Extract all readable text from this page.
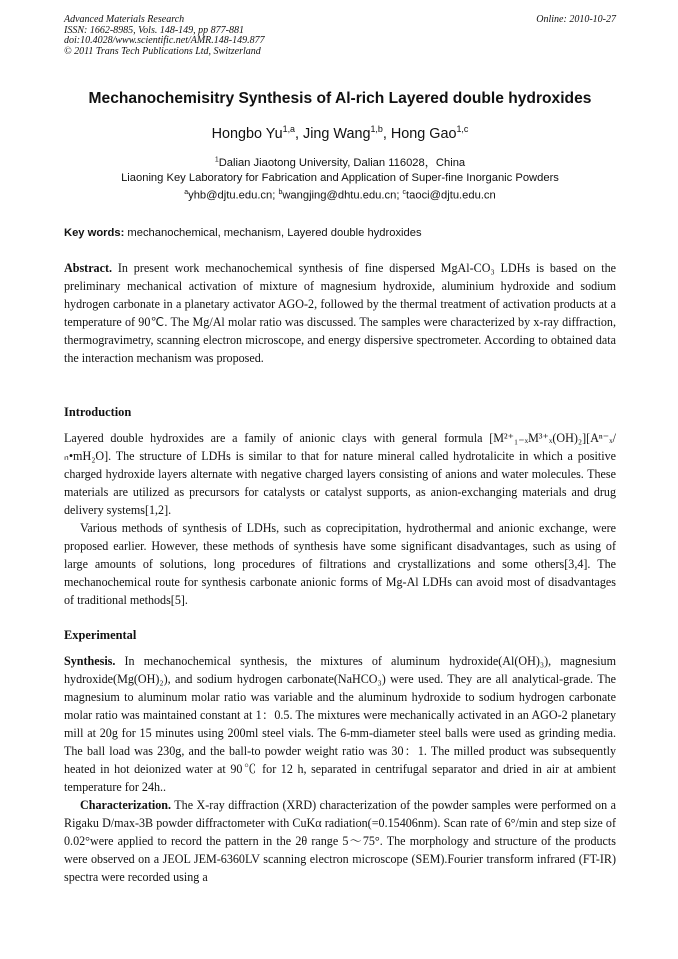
Advanced Materials Research
ISSN: 1662-8985, Vols. 148-149, pp 877-881
doi:10.4028/www.scientific.net/AMR.148-149.877
© 2011 Trans Tech Publications Ltd, Switzerland
Online: 2010-10-27
Mechanochemisitry Synthesis of Al-rich Layered double hydroxides
Hongbo Yu$^{1,a}$, Jing Wang$^{1,b}$, Hong Gao$^{1,c}$
$^1$Dalian Jiaotong University, Dalian 116028，China
Liaoning Key Laboratory for Fabrication and Application of Super-fine Inorganic Powders
$^a$yhb@djtu.edu.cn; $^b$wangjing@dhtu.edu.cn; $^c$taoci@djtu.edu.cn
Key words: mechanochemical, mechanism, Layered double hydroxides

Abstract. In present work mechanochemical synthesis of fine dispersed MgAl-CO₃ LDHs is based on the preliminary mechanical activation of mixture of magnesium hydroxide, aluminium hydroxide and sodium hydrogen carbonate in a planetary activator AGO-2, followed by the thermal treatment of activation products at a temperature of 90℃. The Mg/Al molar ratio was discussed. The samples were characterized by x-ray diffraction, thermogravimetry, scanning electron microscope, and energy dispersive spectrometer. According to obtained data the interaction mechanism was proposed.

Introduction

Layered double hydroxides are a family of anionic clays with general formula [M²⁺₁₋ₓM³⁺ₓ(OH)₂][Aⁿ⁻ₓ/ₙ•mH₂O]. The structure of LDHs is similar to that for nature mineral called hydrotalicite in which a positive charged hydroxide layers alternate with negative charged layers consisting of anions and water molecules. These materials are utilized as precursors for catalysts or catalyst supports, as anion-exchanging materials and drug delivery systems[1,2].

Various methods of synthesis of LDHs, such as coprecipitation, hydrothermal and anionic exchange, were proposed earlier. However, these methods of synthesis have some significant disadvantages, such as using of large amounts of solutions, long procedures of filtrations and crystallizations and some others[3,4]. The mechanochemical route for synthesis carbonate anionic forms of Mg-Al LDHs can avoid most of disadvantages of traditional methods[5].

Experimental

Synthesis. In mechanochemical synthesis, the mixtures of aluminum hydroxide(Al(OH)₃), magnesium hydroxide(Mg(OH)₂), and sodium hydrogen carbonate(NaHCO₃) were used. They are all analytical-grade. The magnesium to aluminum molar ratio was variable and the aluminum hydroxide to sodium hydrogen carbonate molar ratio was maintained constant at 1：0.5. The mixtures were mechanically activated in an AGO-2 planetary mill at 20g for 15 minutes using 200ml steel vials. The 6-mm-diameter steel balls were used as grinding media. The ball load was 230g, and the ball-to powder weight ratio was 30：1. The milled product was subsequently heated in hot deionized water at 90℃ for 12 h, separated in centrifugal separator and dried in air at ambient temperature for 24h..

Characterization. The X-ray diffraction (XRD) characterization of the powder samples were performed on a Rigaku D/max-3B powder diffractometer with CuKα radiation(=0.15406nm). Scan rate of 6°/min and step size of 0.02°were applied to record the pattern in the 2θ range 5～75°. The morphology and structure of the products were observed on a JEOL JEM-6360LV scanning electron microscope (SEM).Fourier transform infrared (FT-IR) spectra were recorded using a
